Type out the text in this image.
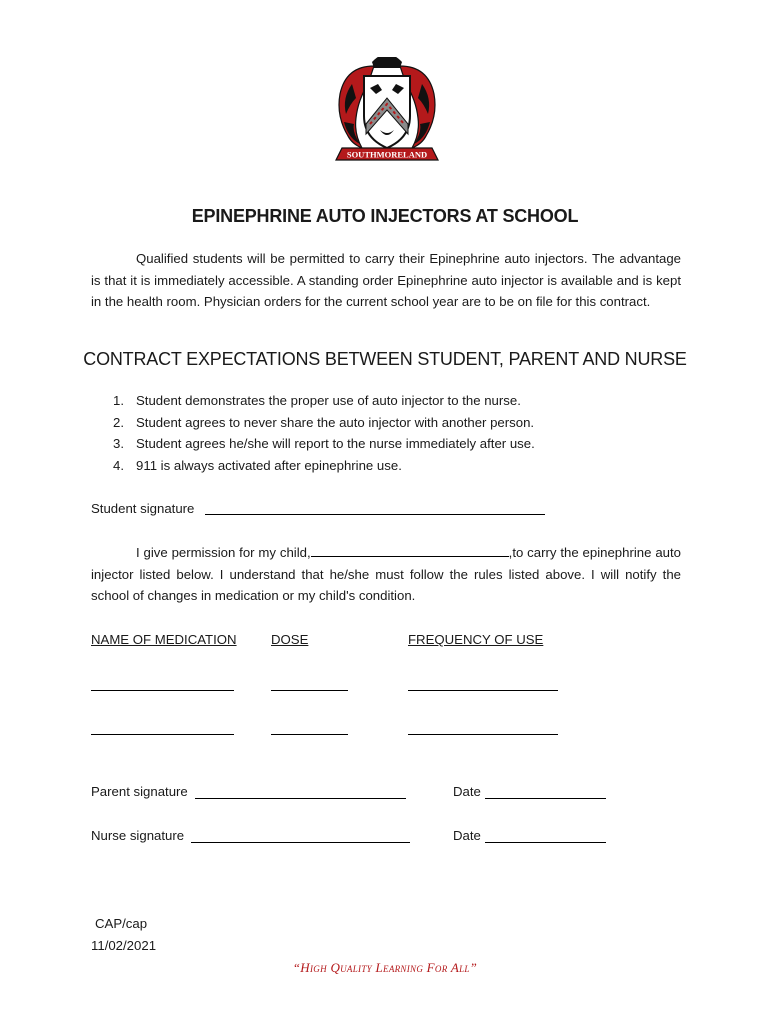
SOUTHMORELAND
EPINEPHRINE AUTO INJECTORS AT SCHOOL
Qualified students will be permitted to carry their Epinephrine auto injectors. The advantage is that it is immediately accessible. A standing order Epinephrine auto injector is available and is kept in the health room. Physician orders for the current school year are to be on file for this contract.
CONTRACT EXPECTATIONS BETWEEN STUDENT, PARENT AND NURSE
1. Student demonstrates the proper use of auto injector to the nurse.
2. Student agrees to never share the auto injector with another person.
3. Student agrees he/she will report to the nurse immediately after use.
4. 911 is always activated after epinephrine use.
Student signature
I give permission for my child,	,to carry the epinephrine auto injector listed below. I understand that he/she must follow the rules listed above. I will notify the school of changes in medication or my child's condition.
NAME OF MEDICATION	DOSE	FREQUENCY OF USE
Parent signature	Date
Nurse signature	Date
CAP/cap
11/02/2021
“High Quality Learning For All”
